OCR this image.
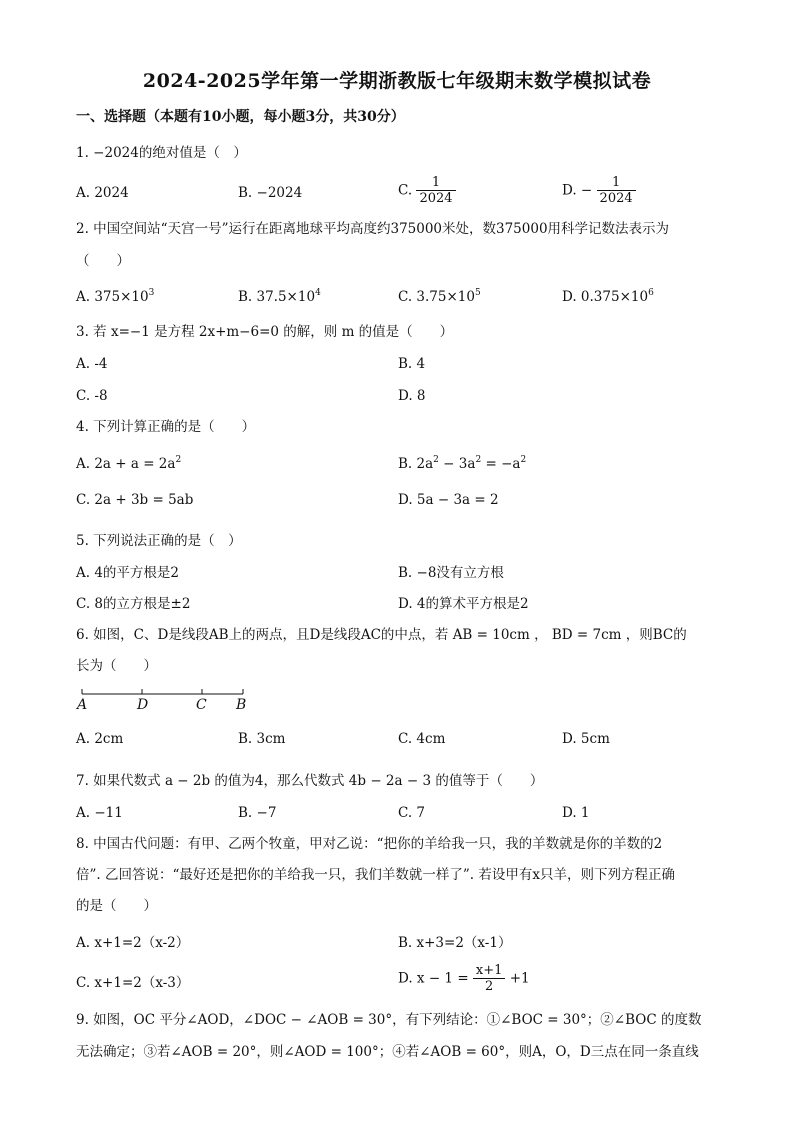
2024-2025学年第一学期浙教版七年级期末数学模拟试卷
一、选择题（本题有10小题，每小题3分，共30分）
1. −2024的绝对值是（　）
A. 2024	B. −2024	C. $\frac{1}{2024}$	D. − $\frac{1}{2024}$
2. 中国空间站“天宫一号”运行在距离地球平均高度约375000米处，数375000用科学记数法表示为
（　　）
A. $375\times 10^3$	B. $37.5\times 10^4$	C. $3.75\times 10^5$	D. $0.375\times 10^6$
3. 若 x=−1 是方程 2x+m−6=0 的解，则 m 的值是（　　）
A. -4	B. 4
C. -8	D. 8
4. 下列计算正确的是（　　）
A. $2a + a = 2a^2$	B. $2a^2 - 3a^2 = -a^2$
C. 2a + 3b = 5ab	D. 5a − 3a = 2
5. 下列说法正确的是（　）
A. 4的平方根是2	B. −8没有立方根
C. 8的立方根是±2	D. 4的算术平方根是2
6. 如图，C、D是线段AB上的两点，且D是线段AC的中点，若 AB = 10cm ， BD = 7cm ，则BC的
长为（　　）
A	D	C B
A. 2cm	B. 3cm	C. 4cm	D. 5cm
7. 如果代数式 a − 2b 的值为4，那么代数式 4b − 2a − 3 的值等于（　　）
A. −11	B. −7	C. 7	D. 1
8. 中国古代问题：有甲、乙两个牧童，甲对乙说：“把你的羊给我一只，我的羊数就是你的羊数的2
倍”. 乙回答说：“最好还是把你的羊给我一只，我们羊数就一样了”. 若设甲有x只羊，则下列方程正确
的是（　　）
A. x+1=2（x-2）	B. x+3=2（x-1）
C. x+1=2（x-3）	D. $x - 1 = \frac{x+1}{2} +1$
9. 如图，OC 平分∠AOD，∠DOC − ∠AOB = 30°，有下列结论：①∠BOC = 30°；②∠BOC 的度数
无法确定；③若∠AOB = 20°，则∠AOD = 100°；④若∠AOB = 60°，则A，O，D三点在同一条直线
